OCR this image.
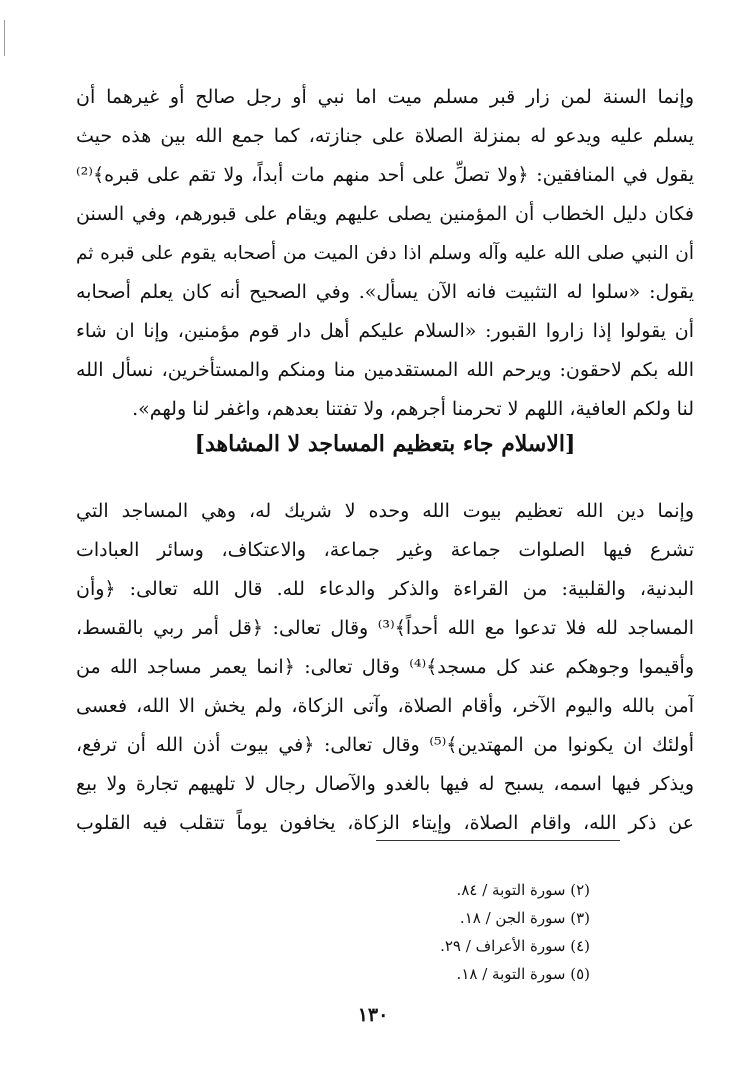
وإنما السنة لمن زار قبر مسلم ميت اما نبي أو رجل صالح أو غيرهما أن
يسلم عليه ويدعو له بمنزلة الصلاة على جنازته، كما جمع الله بين هذه حيث
يقول في المنافقين: ﴿ولا تصلِّ على أحد منهم مات أبداً، ولا تقم على قبره﴾⁽²⁾
فكان دليل الخطاب أن المؤمنين يصلى عليهم ويقام على قبورهم، وفي السنن
أن النبي صلى الله عليه وآله وسلم اذا دفن الميت من أصحابه يقوم على قبره ثم
يقول: «سلوا له التثبيت فانه الآن يسأل». وفي الصحيح أنه كان يعلم أصحابه
أن يقولوا إذا زاروا القبور: «السلام عليكم أهل دار قوم مؤمنين، وإنا ان شاء
الله بكم لاحقون: ويرحم الله المستقدمين منا ومنكم والمستأخرين، نسأل الله
لنا ولكم العافية، اللهم لا تحرمنا أجرهم، ولا تفتنا بعدهم، واغفر لنا ولهم».
[الاسلام جاء بتعظيم المساجد لا المشاهد]
وإنما دين الله تعظيم بيوت الله وحده لا شريك له، وهي المساجد التي
تشرع فيها الصلوات جماعة وغير جماعة، والاعتكاف، وسائر العبادات
البدنية، والقلبية: من القراءة والذكر والدعاء لله. قال الله تعالى: ﴿وأن
المساجد لله فلا تدعوا مع الله أحداً﴾⁽³⁾ وقال تعالى: ﴿قل أمر ربي بالقسط،
وأقيموا وجوهكم عند كل مسجد﴾⁽⁴⁾ وقال تعالى: ﴿انما يعمر مساجد الله من
آمن بالله واليوم الآخر، وأقام الصلاة، وآتى الزكاة، ولم يخش الا الله، فعسى
أولئك ان يكونوا من المهتدين﴾⁽⁵⁾ وقال تعالى: ﴿في بيوت أذن الله أن ترفع،
ويذكر فيها اسمه، يسبح له فيها بالغدو والآصال رجال لا تلهيهم تجارة ولا بيع
عن ذكر الله، واقام الصلاة، وإيتاء الزكاة، يخافون يوماً تتقلب فيه القلوب
(٢) سورة التوبة / ٨٤.
(٣) سورة الجن / ١٨.
(٤) سورة الأعراف / ٢٩.
(٥) سورة التوبة / ١٨.
١٣٠
